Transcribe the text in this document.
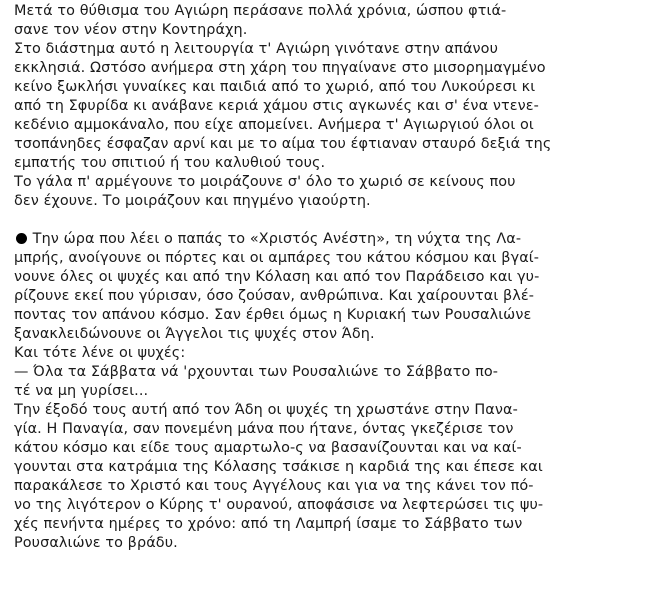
Μετά το θύθισμα του Αγιώρη περάσανε πολλά χρόνια, ώσπου φτιά-
σανε τον νέον στην Κοντηράχη.
Στο διάστημα αυτό η λειτουργία τ' Αγιώρη γινότανε στην απάνου
εκκλησιά. Ωστόσο ανήμερα στη χάρη του πηγαίνανε στο μισορημαγμένο
κείνο ξωκλήσι γυναίκες και παιδιά από το χωριό, από του Λυκούρεσι κι
από τη Σφυρίδα κι ανάβανε κεριά χάμου στις αγκωνές και σ' ένα ντενε-
κεδένιο αμμοκάναλο, που είχε απομείνει. Ανήμερα τ' Αγιωργιού όλοι οι
τσοπάνηδες έσφαζαν αρνί και με το αίμα του έφτιαναν σταυρό δεξιά της
εμπατής του σπιτιού ή του καλυθιού τους.
Το γάλα π' αρμέγουνε το μοιράζουνε σ' όλο το χωριό σε κείνους που
δεν έχουνε. Το μοιράζουν και πηγμένο γιαούρτη.
Την ώρα που λέει ο παπάς το «Χριστός Ανέστη», τη νύχτα της Λα-
μπρής, ανοίγουνε οι πόρτες και οι αμπάρες του κάτου κόσμου και βγαί-
νουνε όλες οι ψυχές και από την Κόλαση και από τον Παράδεισο και γυ-
ρίζουνε εκεί που γύρισαν, όσο ζούσαν, ανθρώπινα. Και χαίρουνται βλέ-
ποντας τον απάνου κόσμο. Σαν έρθει όμως η Κυριακή των Ρουσαλιώνε
ξανακλειδώνουνε οι Άγγελοι τις ψυχές στον Άδη.
Και τότε λένε οι ψυχές:
— Όλα τα Σάββατα νά 'ρχουνται των Ρουσαλιώνε το Σάββατο πο-
τέ να μη γυρίσει...
Την έξοδό τους αυτή από τον Άδη οι ψυχές τη χρωστάνε στην Πανα-
γία. Η Παναγία, σαν πονεμένη μάνα που ήτανε, όντας γκεζέρισε τον
κάτου κόσμο και είδε τους αμαρτωλο-ς να βασανίζουνται και να καί-
γουνται στα κατράμια της Κόλασης τσάκισε η καρδιά της και έπεσε και
παρακάλεσε το Χριστό και τους Αγγέλους και για να της κάνει τον πό-
νο της λιγότερον ο Κύρης τ' ουρανού, αποφάσισε να λεφτερώσει τις ψυ-
χές πενήντα ημέρες το χρόνο: από τη Λαμπρή ίσαμε το Σάββατο των
Ρουσαλιώνε το βράδυ.
